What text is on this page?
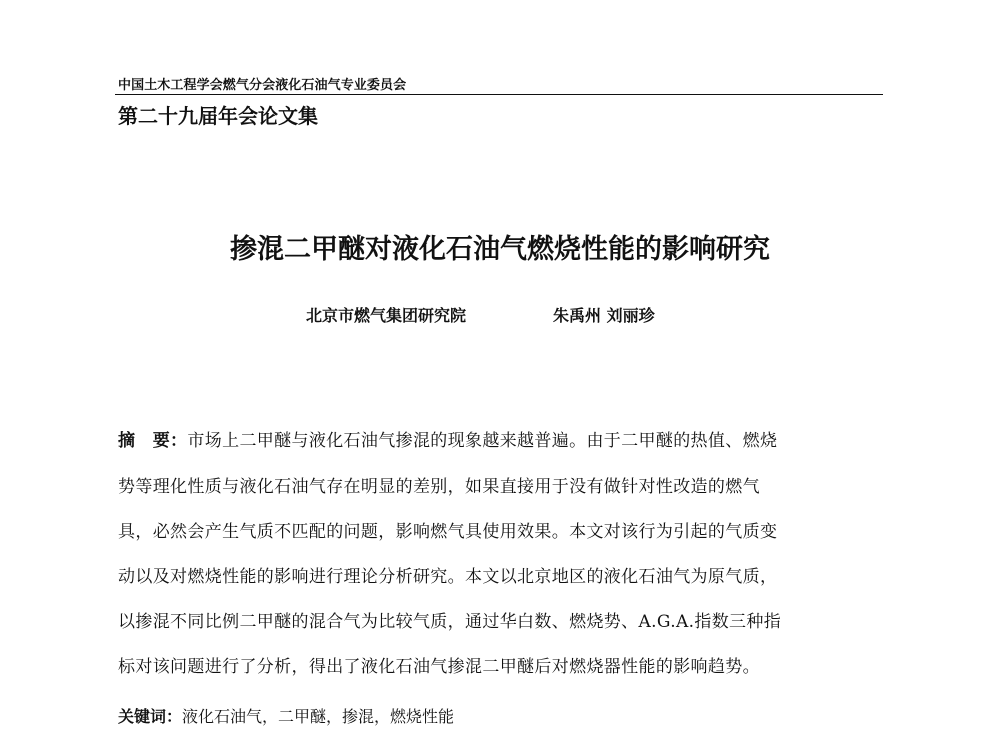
中国土木工程学会燃气分会液化石油气专业委员会
第二十九届年会论文集
掺混二甲醚对液化石油气燃烧性能的影响研究
北京市燃气集团研究院	朱禹州 刘丽珍
摘　要：市场上二甲醚与液化石油气掺混的现象越来越普遍。由于二甲醚的热值、燃烧
势等理化性质与液化石油气存在明显的差别，如果直接用于没有做针对性改造的燃气
具，必然会产生气质不匹配的问题，影响燃气具使用效果。本文对该行为引起的气质变
动以及对燃烧性能的影响进行理论分析研究。本文以北京地区的液化石油气为原气质，
以掺混不同比例二甲醚的混合气为比较气质，通过华白数、燃烧势、A.G.A.指数三种指
标对该问题进行了分析，得出了液化石油气掺混二甲醚后对燃烧器性能的影响趋势。
关键词：液化石油气，二甲醚，掺混，燃烧性能
